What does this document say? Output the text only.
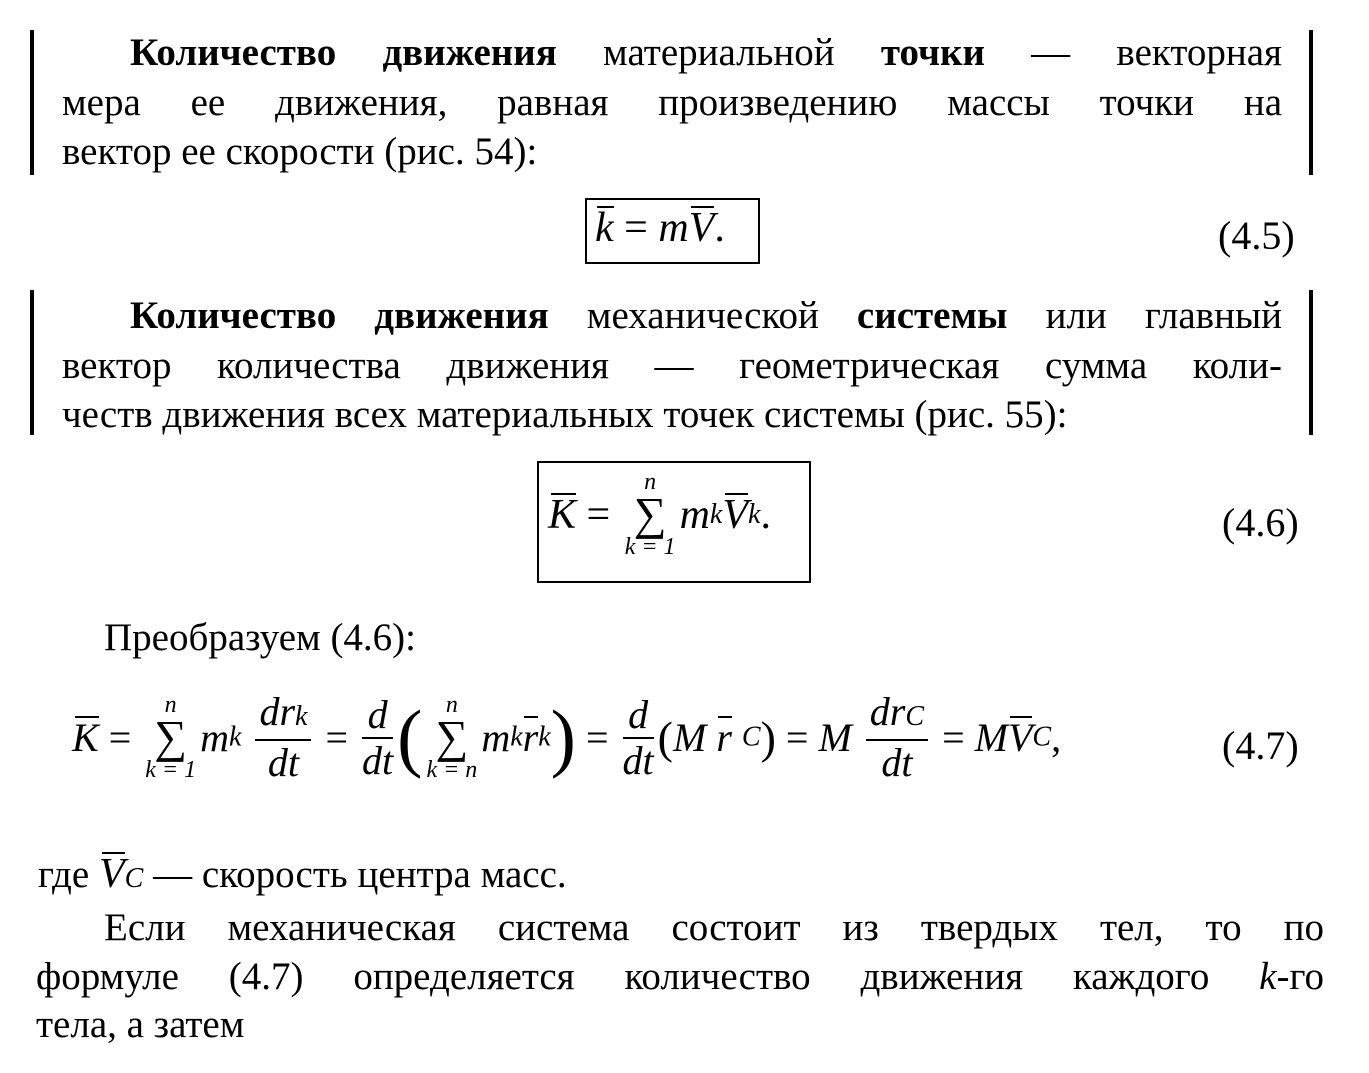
Количество движения материальной точки — векторная
мера ее движения, равная произведению массы точки на
вектор ее скорости (рис. 54):
k = mV.	(4.5)
Количество движения механической системы или главный
вектор количества движения — геометрическая сумма коли-
честв движения всех материальных точек системы (рис. 55):
K =
n
∑
k = 1
mkVk.	(4.6)
Преобразуем (4.6):
K =
n
∑
k = 1
mk $\frac{\text{drk}}{dt} = \frac{d}{dt}$ ( n
∑
k = n
mkrk) = $\frac{d}{dt} (M$ r C) = M $\frac{\text{drC}}{dt}$ = MVC,	(4.7)
где VC — скорость центра масс.
Если механическая система состоит из твердых тел, то по
формуле (4.7) определяется количество движения каждого k-го
тела, а затем
